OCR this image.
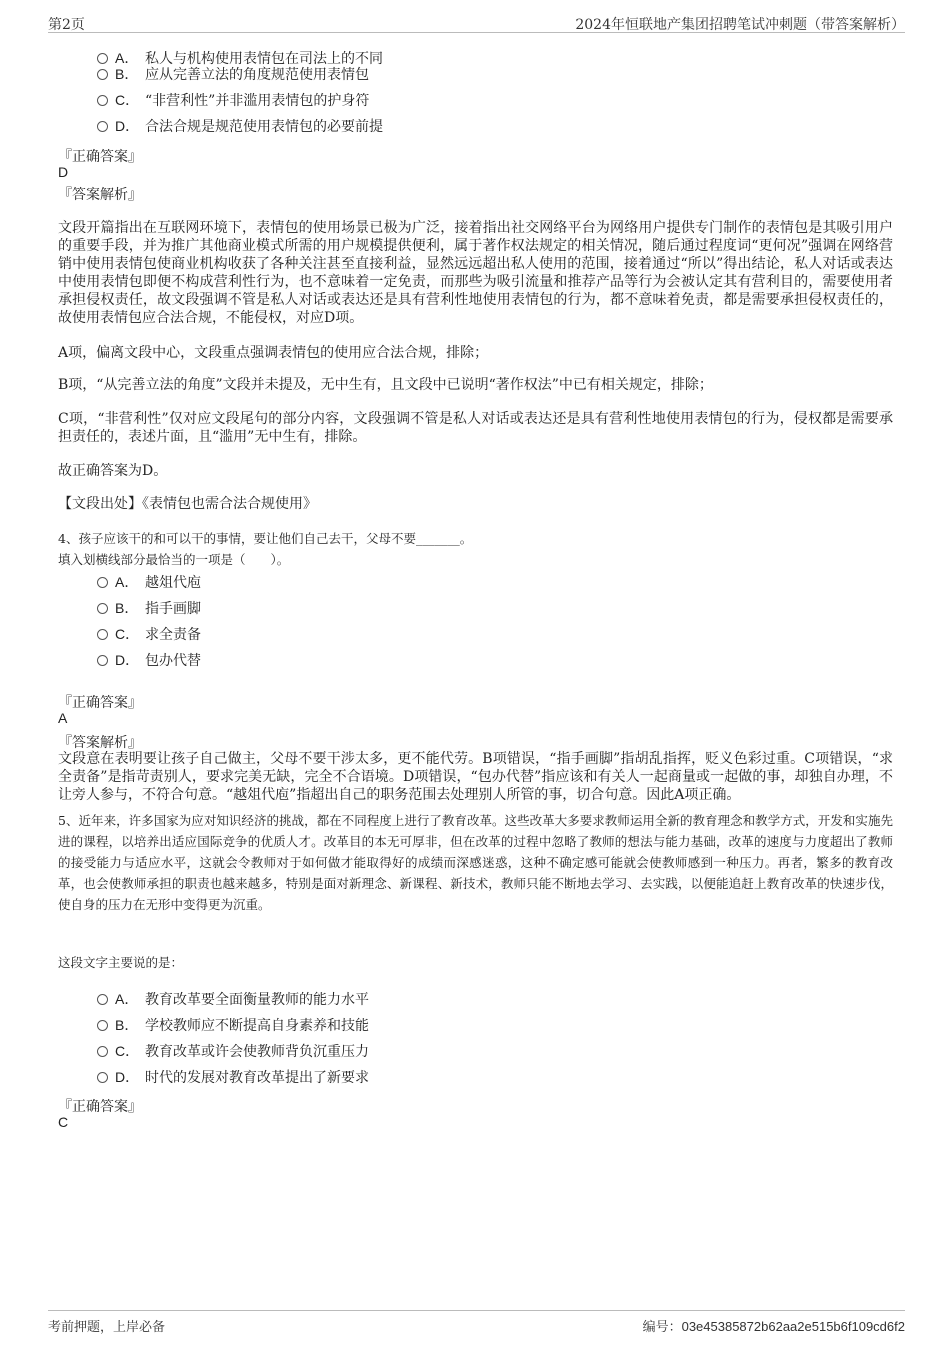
第2页	2024年恒联地产集团招聘笔试冲刺题（带答案解析）
A． 私人与机构使用表情包在司法上的不同
B． 应从完善立法的角度规范使用表情包
C． “非营利性”并非滥用表情包的护身符
D． 合法合规是规范使用表情包的必要前提
『正确答案』
D
『答案解析』
文段开篇指出在互联网环境下，表情包的使用场景已极为广泛，接着指出社交网络平台为网络用户提供专门制作的表情包是其吸引用户的重要手段，并为推广其他商业模式所需的用户规模提供便利，属于著作权法规定的相关情况，随后通过程度词“更何况”强调在网络营销中使用表情包使商业机构收获了各种关注甚至直接利益，显然远远超出私人使用的范围，接着通过“所以”得出结论，私人对话或表达中使用表情包即便不构成营利性行为，也不意味着一定免责，而那些为吸引流量和推荐产品等行为会被认定其有营利目的，需要使用者承担侵权责任，故文段强调不管是私人对话或表达还是具有营利性地使用表情包的行为，都不意味着免责，都是需要承担侵权责任的，故使用表情包应合法合规，不能侵权，对应D项。
A项，偏离文段中心，文段重点强调表情包的使用应合法合规，排除；
B项，“从完善立法的角度”文段并未提及，无中生有，且文段中已说明“著作权法”中已有相关规定，排除；
C项，“非营利性”仅对应文段尾句的部分内容，文段强调不管是私人对话或表达还是具有营利性地使用表情包的行为，侵权都是需要承担责任的，表述片面，且“滥用”无中生有，排除。
故正确答案为D。
【文段出处】《表情包也需合法合规使用》
4、孩子应该干的和可以干的事情，要让他们自己去干，父母不要_______。
填入划横线部分最恰当的一项是（　　）。
A． 越俎代庖
B． 指手画脚
C． 求全责备
D． 包办代替
『正确答案』
A
『答案解析』
文段意在表明要让孩子自己做主，父母不要干涉太多，更不能代劳。B项错误，“指手画脚”指胡乱指挥，贬义色彩过重。C项错误，“求全责备”是指苛责别人，要求完美无缺，完全不合语境。D项错误，“包办代替”指应该和有关人一起商量或一起做的事，却独自办理，不让旁人参与，不符合句意。“越俎代庖”指超出自己的职务范围去处理别人所管的事，切合句意。因此A项正确。
5、近年来，许多国家为应对知识经济的挑战，都在不同程度上进行了教育改革。这些改革大多要求教师运用全新的教育理念和教学方式，开发和实施先进的课程，以培养出适应国际竞争的优质人才。改革目的本无可厚非，但在改革的过程中忽略了教师的想法与能力基础，改革的速度与力度超出了教师的接受能力与适应水平，这就会令教师对于如何做才能取得好的成绩而深感迷惑，这种不确定感可能就会使教师感到一种压力。再者，繁多的教育改革，也会使教师承担的职责也越来越多，特别是面对新理念、新课程、新技术，教师只能不断地去学习、去实践，以便能追赶上教育改革的快速步伐，使自身的压力在无形中变得更为沉重。
这段文字主要说的是：
A． 教育改革要全面衡量教师的能力水平
B． 学校教师应不断提高自身素养和技能
C． 教育改革或许会使教师背负沉重压力
D． 时代的发展对教育改革提出了新要求
『正确答案』
C
考前押题，上岸必备	编号：03e45385872b62aa2e515b6f109cd6f2
